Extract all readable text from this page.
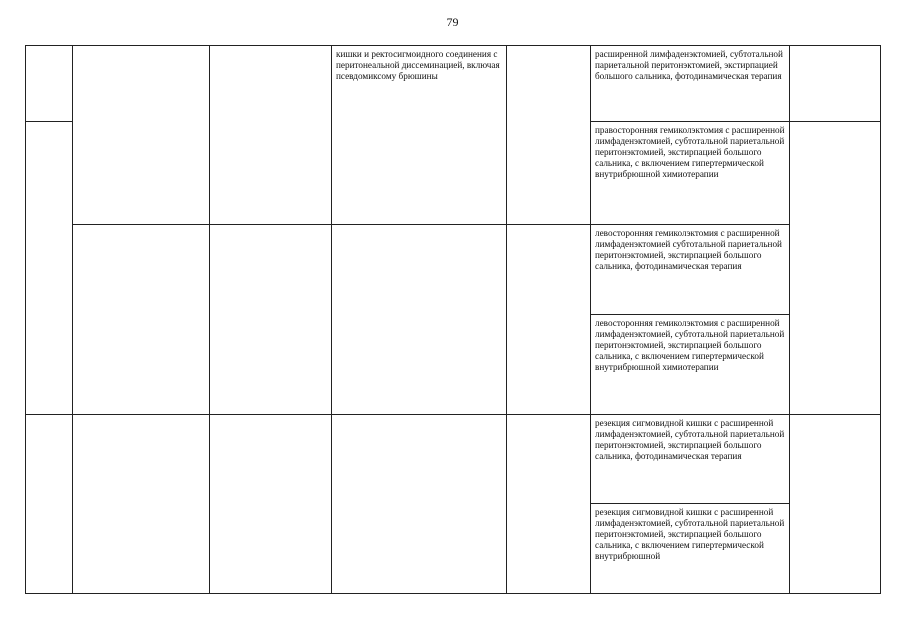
79

			кишки и ректосигмоидного соединения с перитонеальной диссеминацией, включая псевдомиксому брюшины		расширенной лимфаденэктомией, субтотальной париетальной перитонэктомией, экстирпацией большого сальника, фотодинамическая терапия	

					правосторонняя гемиколэктомия с расширенной лимфаденэктомией, субтотальной париетальной перитонэктомией, экстирпацией большого сальника, с включением гипертермической внутрибрюшной химиотерапии	

					левосторонняя гемиколэктомия с расширенной лимфаденэктомией субтотальной париетальной перитонэктомией, экстирпацией большого сальника, фотодинамическая терапия	

					левосторонняя гемиколэктомия с расширенной лимфаденэктомией, субтотальной париетальной перитонэктомией, экстирпацией большого сальника, с включением гипертермической внутрибрюшной химиотерапии	

					резекция сигмовидной кишки с расширенной лимфаденэктомией, субтотальной париетальной перитонэктомией, экстирпацией большого сальника, фотодинамическая терапия	

					резекция сигмовидной кишки с расширенной лимфаденэктомией, субтотальной париетальной перитонэктомией, экстирпацией большого сальника, с включением гипертермической внутрибрюшной	
